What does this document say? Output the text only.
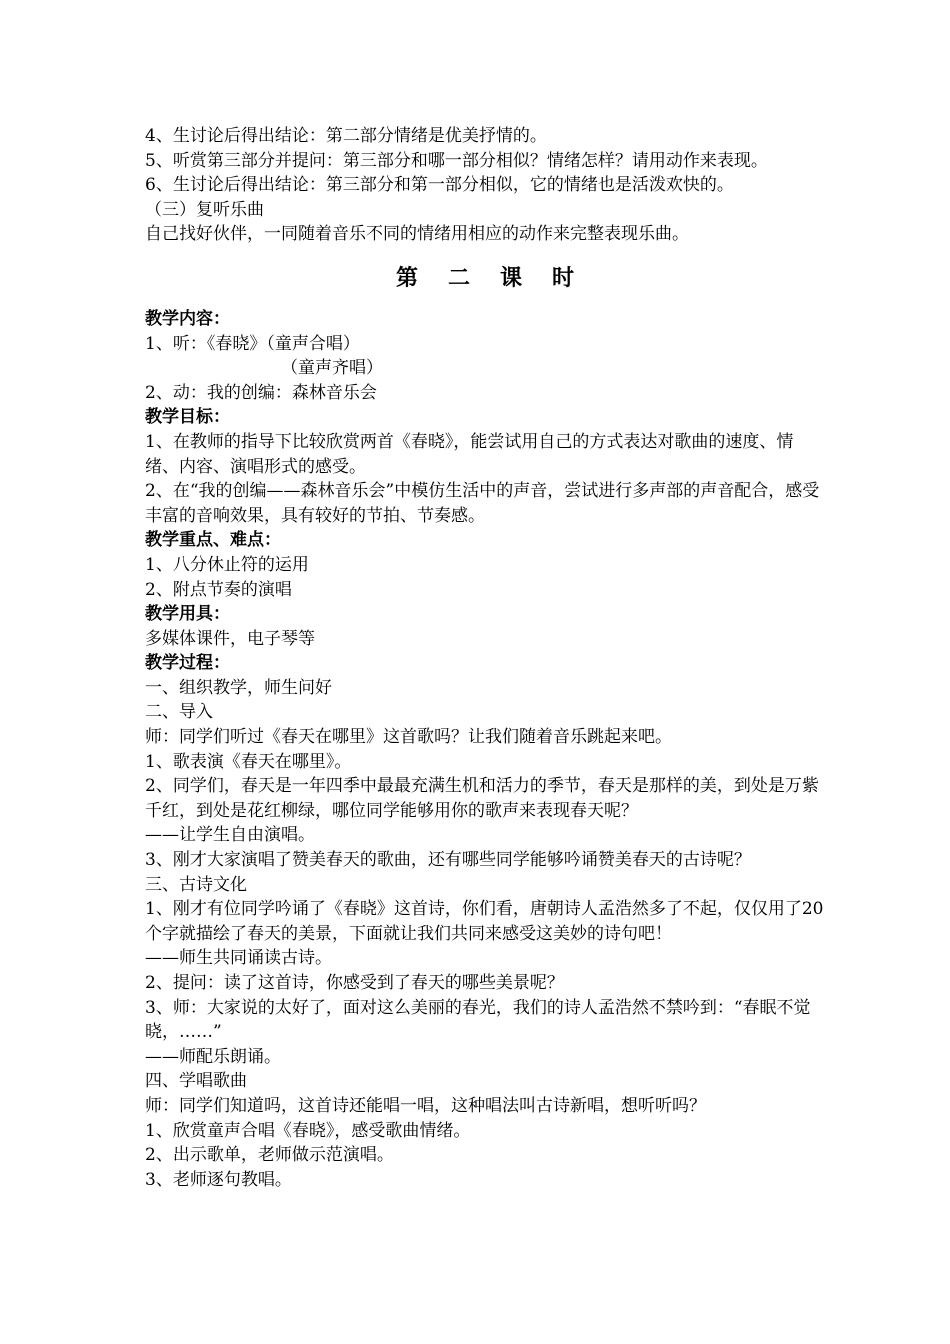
4、生讨论后得出结论：第二部分情绪是优美抒情的。
5、听赏第三部分并提问：第三部分和哪一部分相似？情绪怎样？请用动作来表现。
6、生讨论后得出结论：第三部分和第一部分相似，它的情绪也是活泼欢快的。
（三）复听乐曲
自己找好伙伴，一同随着音乐不同的情绪用相应的动作来完整表现乐曲。
第二课时
教学内容：
1、听：《春晓》（童声合唱）
（童声齐唱）
2、动：我的创编：森林音乐会
教学目标：
1、在教师的指导下比较欣赏两首《春晓》，能尝试用自己的方式表达对歌曲的速度、情绪、内容、演唱形式的感受。
2、在“我的创编——森林音乐会”中模仿生活中的声音，尝试进行多声部的声音配合，感受丰富的音响效果，具有较好的节拍、节奏感。
教学重点、难点：
1、八分休止符的运用
2、附点节奏的演唱
教学用具：
多媒体课件，电子琴等
教学过程：
一、组织教学，师生问好
二、导入
师：同学们听过《春天在哪里》这首歌吗？让我们随着音乐跳起来吧。
1、歌表演《春天在哪里》。
2、同学们，春天是一年四季中最最充满生机和活力的季节，春天是那样的美，到处是万紫千红，到处是花红柳绿，哪位同学能够用你的歌声来表现春天呢？
——让学生自由演唱。
3、刚才大家演唱了赞美春天的歌曲，还有哪些同学能够吟诵赞美春天的古诗呢？
三、古诗文化
1、刚才有位同学吟诵了《春晓》这首诗，你们看，唐朝诗人孟浩然多了不起，仅仅用了20个字就描绘了春天的美景，下面就让我们共同来感受这美妙的诗句吧！
——师生共同诵读古诗。
2、提问：读了这首诗，你感受到了春天的哪些美景呢？
3、师：大家说的太好了，面对这么美丽的春光，我们的诗人孟浩然不禁吟到：“春眠不觉晓，……”
——师配乐朗诵。
四、学唱歌曲
师：同学们知道吗，这首诗还能唱一唱，这种唱法叫古诗新唱，想听听吗？
1、欣赏童声合唱《春晓》，感受歌曲情绪。
2、出示歌单，老师做示范演唱。
3、老师逐句教唱。
